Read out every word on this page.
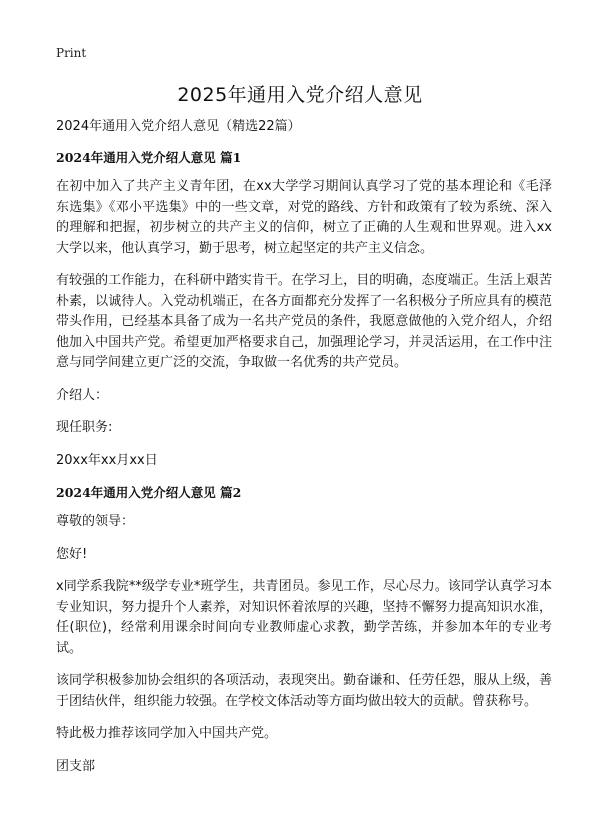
Print
2025年通用入党介绍人意见

2024年通用入党介绍人意见（精选22篇）

2024年通用入党介绍人意见 篇1

在初中加入了共产主义青年团，在xx大学学习期间认真学习了党的基本理论和《毛泽东选集》《邓小平选集》中的一些文章，对党的路线、方针和政策有了较为系统、深入的理解和把握，初步树立的共产主义的信仰，树立了正确的人生观和世界观。进入xx大学以来，他认真学习，勤于思考，树立起坚定的共产主义信念。

有较强的工作能力，在科研中踏实肯干。在学习上，目的明确，态度端正。生活上艰苦朴素，以诚待人。入党动机端正，在各方面都充分发挥了一名积极分子所应具有的模范带头作用，已经基本具备了成为一名共产党员的条件，我愿意做他的入党介绍人，介绍他加入中国共产党。希望更加严格要求自己，加强理论学习，并灵活运用，在工作中注意与同学间建立更广泛的交流，争取做一名优秀的共产党员。

介绍人：

现任职务:

20xx年xx月xx日

2024年通用入党介绍人意见 篇2

尊敬的领导：

您好!

x同学系我院**级学专业*班学生，共青团员。参见工作，尽心尽力。该同学认真学习本专业知识，努力提升个人素养，对知识怀着浓厚的兴趣，坚持不懈努力提高知识水准，任(职位)，经常利用课余时间向专业教师虚心求教，勤学苦练，并参加本年的专业考试。

该同学积极参加协会组织的各项活动，表现突出。勤奋谦和、任劳任怨，服从上级，善于团结伙伴，组织能力较强。在学校文体活动等方面均做出较大的贡献。曾获称号。

特此极力推荐该同学加入中国共产党。

团支部
